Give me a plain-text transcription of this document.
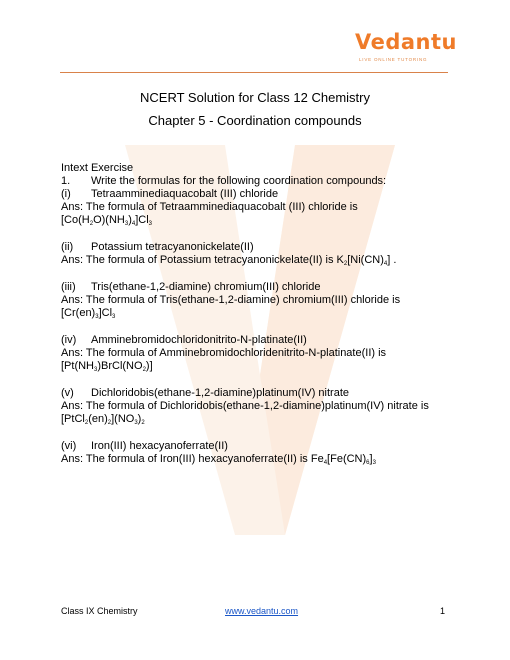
Vedantu
LIVE ONLINE TUTORING
NCERT Solution for Class 12 Chemistry
Chapter 5 - Coordination compounds
Intext Exercise
1. Write the formulas for the following coordination compounds:
(i) Tetraamminediaquacobalt (III) chloride
Ans: The formula of Tetraamminediaquacobalt (III) chloride is
$[Co(H_2O)(NH_3)_4]Cl_3$
(ii) Potassium tetracyanonickelate(II)
Ans: The formula of Potassium tetracyanonickelate(II) is $K_2[Ni(CN)_4]$ .
(iii) Tris(ethane-1,2-diamine) chromium(III) chloride
Ans: The formula of Tris(ethane-1,2-diamine) chromium(III) chloride is
$[Cr(en)_3]Cl_3$
(iv) Amminebromidochloridonitrito-N-platinate(II)
Ans: The formula of Amminebromidochloridenitrito-N-platinate(II) is
$[Pt(NH_3)BrCl(NO_2)]$
(v) Dichloridobis(ethane-1,2-diamine)platinum(IV) nitrate
Ans: The formula of Dichloridobis(ethane-1,2-diamine)platinum(IV) nitrate is
$[PtCl_2(en)_2](NO_3)_2$
(vi) Iron(III) hexacyanoferrate(II)
Ans: The formula of Iron(III) hexacyanoferrate(II) is $Fe_4[Fe(CN)_6]_3$
Class IX Chemistry	www.vedantu.com	1
